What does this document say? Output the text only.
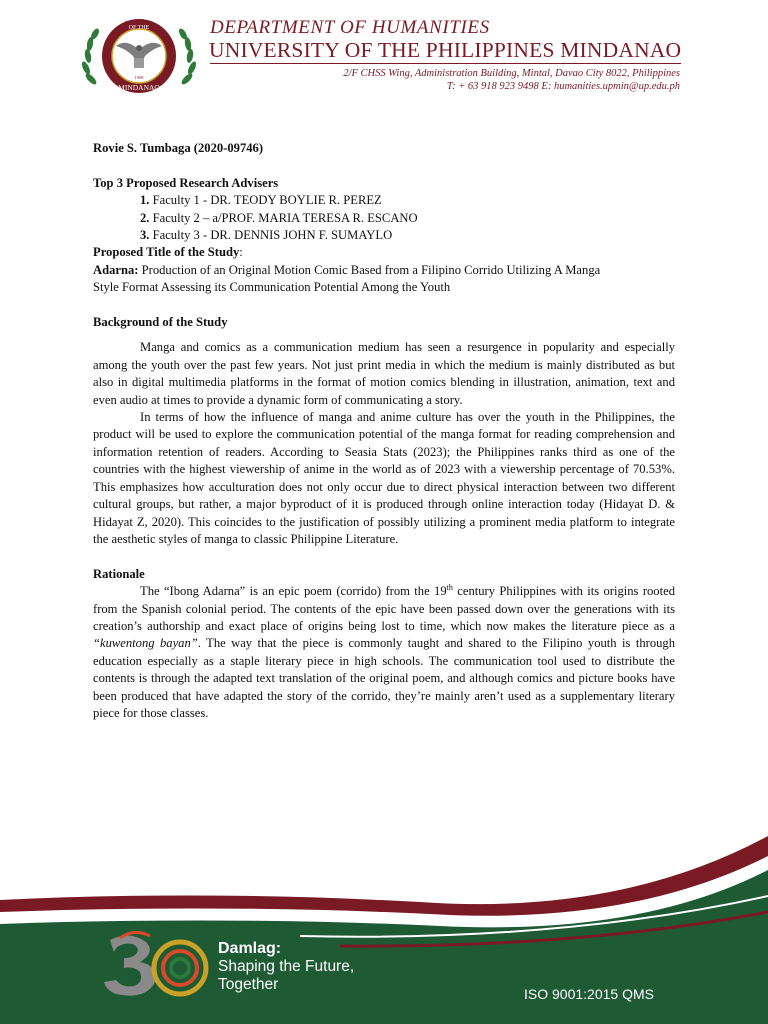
OF THE
MINDANAO
1908
DEPARTMENT OF HUMANITIES
UNIVERSITY OF THE PHILIPPINES MINDANAO
2/F CHSS Wing, Administration Building, Mintal, Davao City 8022, Philippines
T: + 63 918 923 9498 E: humanities.upmin@up.edu.ph
Rovie S. Tumbaga (2020-09746)
Top 3 Proposed Research Advisers
1. Faculty 1 - DR. TEODY BOYLIE R. PEREZ
2. Faculty 2 – a/PROF. MARIA TERESA R. ESCANO
3. Faculty 3 - DR. DENNIS JOHN F. SUMAYLO
Proposed Title of the Study:
Adarna: Production of an Original Motion Comic Based from a Filipino Corrido Utilizing A Manga
Style Format Assessing its Communication Potential Among the Youth
Background of the Study

Manga and comics as a communication medium has seen a resurgence in popularity and especially among the youth over the past few years. Not just print media in which the medium is mainly distributed as but also in digital multimedia platforms in the format of motion comics blending in illustration, animation, text and even audio at times to provide a dynamic form of communicating a story.

In terms of how the influence of manga and anime culture has over the youth in the Philippines, the product will be used to explore the communication potential of the manga format for reading comprehension and information retention of readers. According to Seasia Stats (2023); the Philippines ranks third as one of the countries with the highest viewership of anime in the world as of 2023 with a viewership percentage of 70.53%. This emphasizes how acculturation does not only occur due to direct physical interaction between two different cultural groups, but rather, a major byproduct of it is produced through online interaction today (Hidayat D. & Hidayat Z, 2020). This coincides to the justification of possibly utilizing a prominent media platform to integrate the aesthetic styles of manga to classic Philippine Literature.

Rationale

The “Ibong Adarna” is an epic poem (corrido) from the 19th century Philippines with its origins rooted from the Spanish colonial period. The contents of the epic have been passed down over the generations with its creation’s authorship and exact place of origins being lost to time, which now makes the literature piece as a “kuwentong bayan”. The way that the piece is commonly taught and shared to the Filipino youth is through education especially as a staple literary piece in high schools. The communication tool used to distribute the contents is through the adapted text translation of the original poem, and although comics and picture books have been produced that have adapted the story of the corrido, they’re mainly aren’t used as a supplementary literary piece for those classes.

Damlag:
Shaping the Future,
Together
ISO 9001:2015 QMS
